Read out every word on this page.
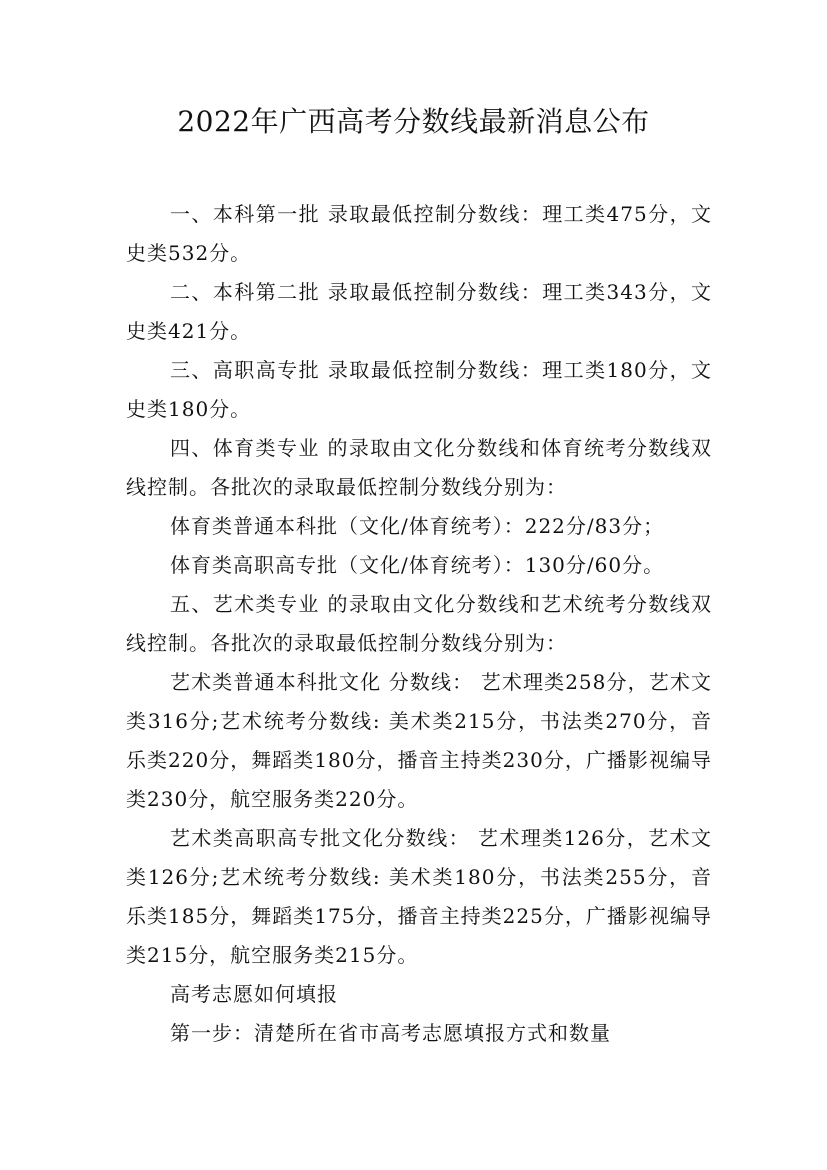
2022年广西高考分数线最新消息公布

一、本科第一批 录取最低控制分数线：理工类475分，文史类532分。

二、本科第二批 录取最低控制分数线：理工类343分，文史类421分。

三、高职高专批 录取最低控制分数线：理工类180分，文史类180分。

四、体育类专业 的录取由文化分数线和体育统考分数线双线控制。各批次的录取最低控制分数线分别为：

体育类普通本科批（文化/体育统考）：222分/83分；

体育类高职高专批（文化/体育统考）：130分/60分。

五、艺术类专业 的录取由文化分数线和艺术统考分数线双线控制。各批次的录取最低控制分数线分别为：

艺术类普通本科批文化 分数线： 艺术理类258分，艺术文类316分;艺术统考分数线: 美术类215分，书法类270分，音乐类220分，舞蹈类180分，播音主持类230分，广播影视编导类230分，航空服务类220分。

艺术类高职高专批文化分数线： 艺术理类126分，艺术文类126分;艺术统考分数线: 美术类180分，书法类255分，音乐类185分，舞蹈类175分，播音主持类225分，广播影视编导类215分，航空服务类215分。

高考志愿如何填报

第一步：清楚所在省市高考志愿填报方式和数量
